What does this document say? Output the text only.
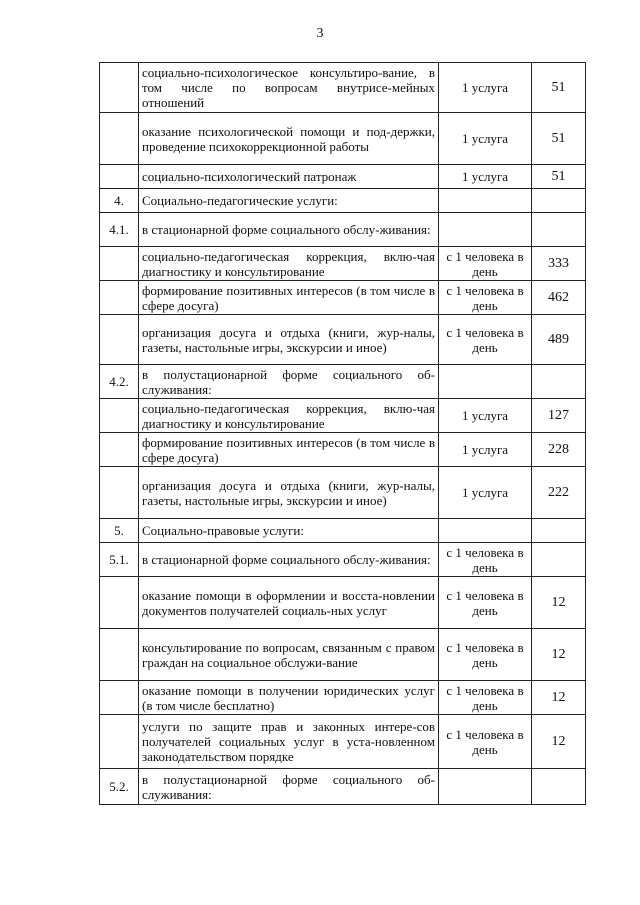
3
	социально-психологическое консультиро-вание, в том числе по вопросам внутрисе-мейных отношений	1 услуга	51
	оказание психологической помощи и под-держки, проведение психокоррекционной работы	1 услуга	51
	социально-психологический патронаж	1 услуга	51
4.	Социально-педагогические услуги:		
4.1.	в стационарной форме социального обслу-живания:		
	социально-педагогическая коррекция, вклю-чая диагностику и консультирование	с 1 человека в день	333
	формирование позитивных интересов (в том числе в сфере досуга)	с 1 человека в день	462
	организация досуга и отдыха (книги, жур-налы, газеты, настольные игры, экскурсии и иное)	с 1 человека в день	489
4.2.	в полустационарной форме социального об-служивания:		
	социально-педагогическая коррекция, вклю-чая диагностику и консультирование	1 услуга	127
	формирование позитивных интересов (в том числе в сфере досуга)	1 услуга	228
	организация досуга и отдыха (книги, жур-налы, газеты, настольные игры, экскурсии и иное)	1 услуга	222
5.	Социально-правовые услуги:		
5.1.	в стационарной форме социального обслу-живания:	с 1 человека в день	
	оказание помощи в оформлении и восста-новлении документов получателей социаль-ных услуг	с 1 человека в день	12
	консультирование по вопросам, связанным с правом граждан на социальное обслужи-вание	с 1 человека в день	12
	оказание помощи в получении юридических услуг (в том числе бесплатно)	с 1 человека в день	12
	услуги по защите прав и законных интере-сов получателей социальных услуг в уста-новленном законодательством порядке	с 1 человека в день	12
5.2.	в полустационарной форме социального об-служивания:		
